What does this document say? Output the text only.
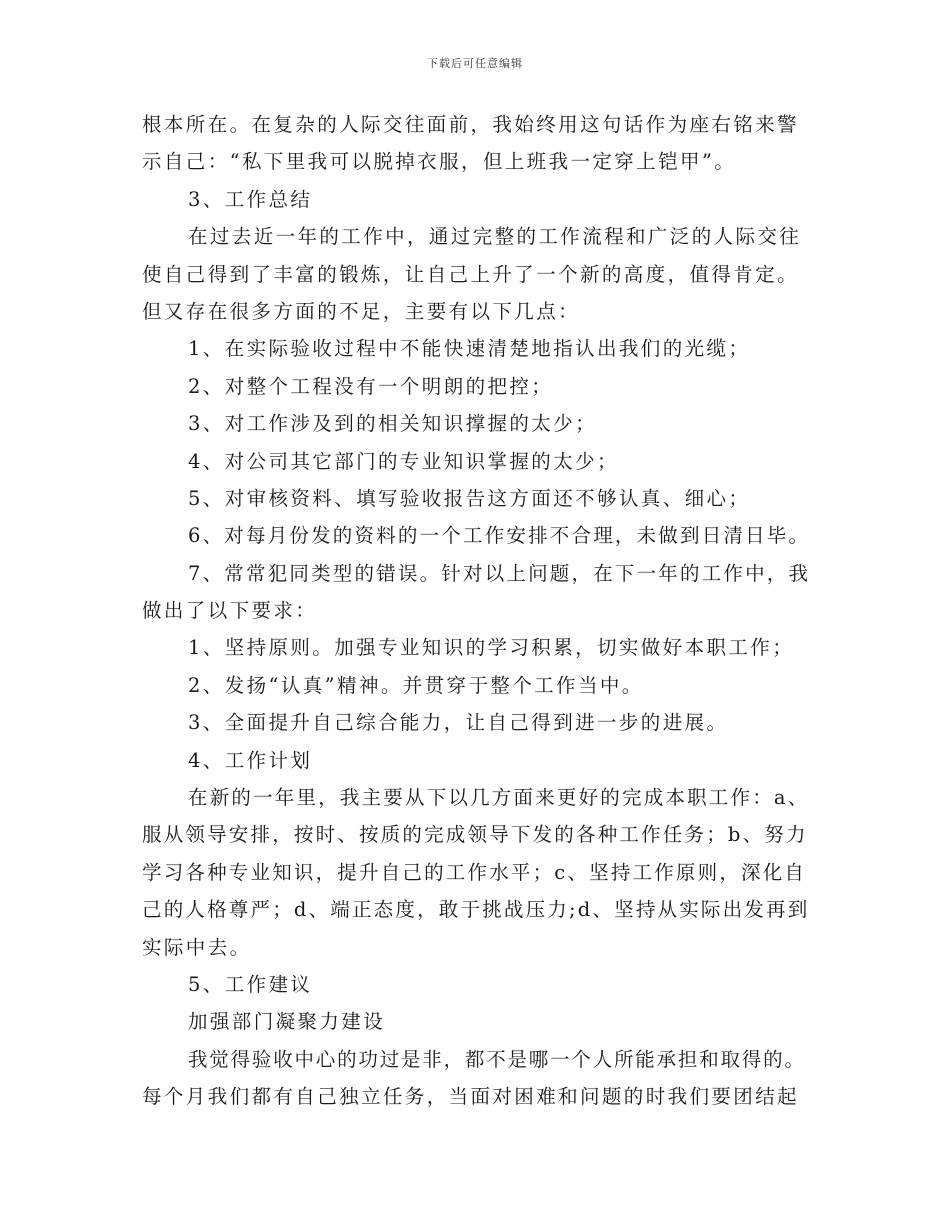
下载后可任意编辑
根本所在。在复杂的人际交往面前，我始终用这句话作为座右铭来警
示自己：“私下里我可以脱掉衣服，但上班我一定穿上铠甲”。
3、工作总结
在过去近一年的工作中，通过完整的工作流程和广泛的人际交往
使自己得到了丰富的锻炼，让自己上升了一个新的高度，值得肯定。
但又存在很多方面的不足，主要有以下几点：
1、在实际验收过程中不能快速清楚地指认出我们的光缆；
2、对整个工程没有一个明朗的把控；
3、对工作涉及到的相关知识撑握的太少；
4、对公司其它部门的专业知识掌握的太少；
5、对审核资料、填写验收报告这方面还不够认真、细心；
6、对每月份发的资料的一个工作安排不合理，未做到日清日毕。
7、常常犯同类型的错误。针对以上问题，在下一年的工作中，我
做出了以下要求：
1、坚持原则。加强专业知识的学习积累，切实做好本职工作；
2、发扬“认真”精神。并贯穿于整个工作当中。
3、全面提升自己综合能力，让自己得到进一步的进展。
4、工作计划
在新的一年里，我主要从下以几方面来更好的完成本职工作：a、
服从领导安排，按时、按质的完成领导下发的各种工作任务；b、努力
学习各种专业知识，提升自己的工作水平；c、坚持工作原则，深化自
己的人格尊严；d、端正态度，敢于挑战压力;d、坚持从实际出发再到
实际中去。
5、工作建议
加强部门凝聚力建设
我觉得验收中心的功过是非，都不是哪一个人所能承担和取得的。
每个月我们都有自己独立任务，当面对困难和问题的时我们要团结起
